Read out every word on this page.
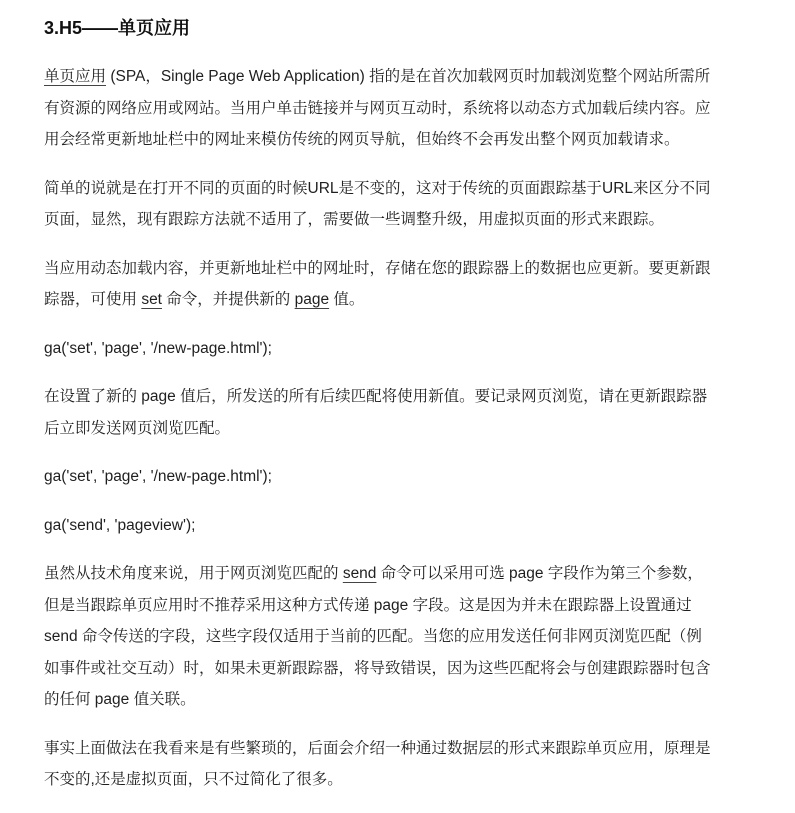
3.H5——单页应用

单页应用 (SPA，Single Page Web Application) 指的是在首次加载网页时加载浏览整个网站所需所
有资源的网络应用或网站。当用户单击链接并与网页互动时，系统将以动态方式加载后续内容。应
用会经常更新地址栏中的网址来模仿传统的网页导航，但始终不会再发出整个网页加载请求。

简单的说就是在打开不同的页面的时候URL是不变的，这对于传统的页面跟踪基于URL来区分不同
页面，显然，现有跟踪方法就不适用了，需要做一些调整升级，用虚拟页面的形式来跟踪。

当应用动态加载内容，并更新地址栏中的网址时，存储在您的跟踪器上的数据也应更新。要更新跟
踪器，可使用 set 命令，并提供新的 page 值。

ga('set', 'page', '/new-page.html');

在设置了新的 page 值后，所发送的所有后续匹配将使用新值。要记录网页浏览，请在更新跟踪器
后立即发送网页浏览匹配。

ga('set', 'page', '/new-page.html');

ga('send', 'pageview');

虽然从技术角度来说，用于网页浏览匹配的 send 命令可以采用可选 page 字段作为第三个参数，
但是当跟踪单页应用时不推荐采用这种方式传递 page 字段。这是因为并未在跟踪器上设置通过
send 命令传送的字段，这些字段仅适用于当前的匹配。当您的应用发送任何非网页浏览匹配（例
如事件或社交互动）时，如果未更新跟踪器，将导致错误，因为这些匹配将会与创建跟踪器时包含
的任何 page 值关联。

事实上面做法在我看来是有些繁琐的，后面会介绍一种通过数据层的形式来跟踪单页应用，原理是
不变的,还是虚拟页面，只不过简化了很多。
